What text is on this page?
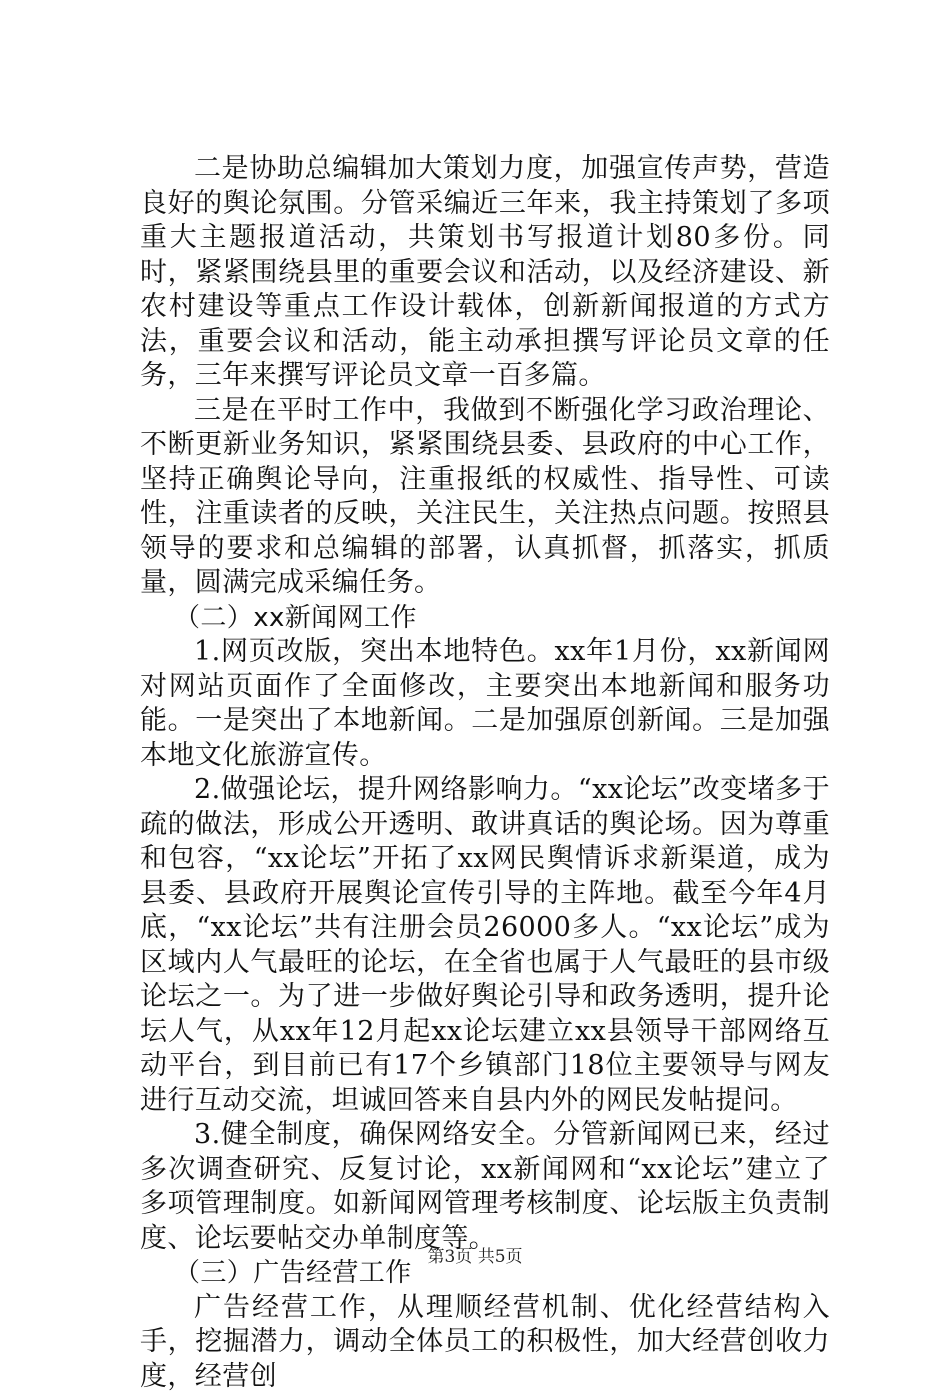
二是协助总编辑加大策划力度，加强宣传声势，营造良好的舆论氛围。分管采编近三年来，我主持策划了多项重大主题报道活动，共策划书写报道计划80多份。同时，紧紧围绕县里的重要会议和活动，以及经济建设、新农村建设等重点工作设计载体，创新新闻报道的方式方法，重要会议和活动，能主动承担撰写评论员文章的任务，三年来撰写评论员文章一百多篇。

三是在平时工作中，我做到不断强化学习政治理论、不断更新业务知识，紧紧围绕县委、县政府的中心工作，坚持正确舆论导向，注重报纸的权威性、指导性、可读性，注重读者的反映，关注民生，关注热点问题。按照县领导的要求和总编辑的部署，认真抓督，抓落实，抓质量，圆满完成采编任务。

（二）xx新闻网工作

1.网页改版，突出本地特色。xx年1月份，xx新闻网对网站页面作了全面修改，主要突出本地新闻和服务功能。一是突出了本地新闻。二是加强原创新闻。三是加强本地文化旅游宣传。

2.做强论坛，提升网络影响力。“xx论坛”改变堵多于疏的做法，形成公开透明、敢讲真话的舆论场。因为尊重和包容，“xx论坛”开拓了xx网民舆情诉求新渠道，成为县委、县政府开展舆论宣传引导的主阵地。截至今年4月底，“xx论坛”共有注册会员26000多人。“xx论坛”成为区域内人气最旺的论坛，在全省也属于人气最旺的县市级论坛之一。为了进一步做好舆论引导和政务透明，提升论坛人气，从xx年12月起xx论坛建立xx县领导干部网络互动平台，到目前已有17个乡镇部门18位主要领导与网友进行互动交流，坦诚回答来自县内外的网民发帖提问。

3.健全制度，确保网络安全。分管新闻网已来，经过多次调查研究、反复讨论，xx新闻网和“xx论坛”建立了多项管理制度。如新闻网管理考核制度、论坛版主负责制度、论坛要帖交办单制度等。

（三）广告经营工作

广告经营工作，从理顺经营机制、优化经营结构入手，挖掘潜力，调动全体员工的积极性，加大经营创收力度，经营创

第3页 共5页
